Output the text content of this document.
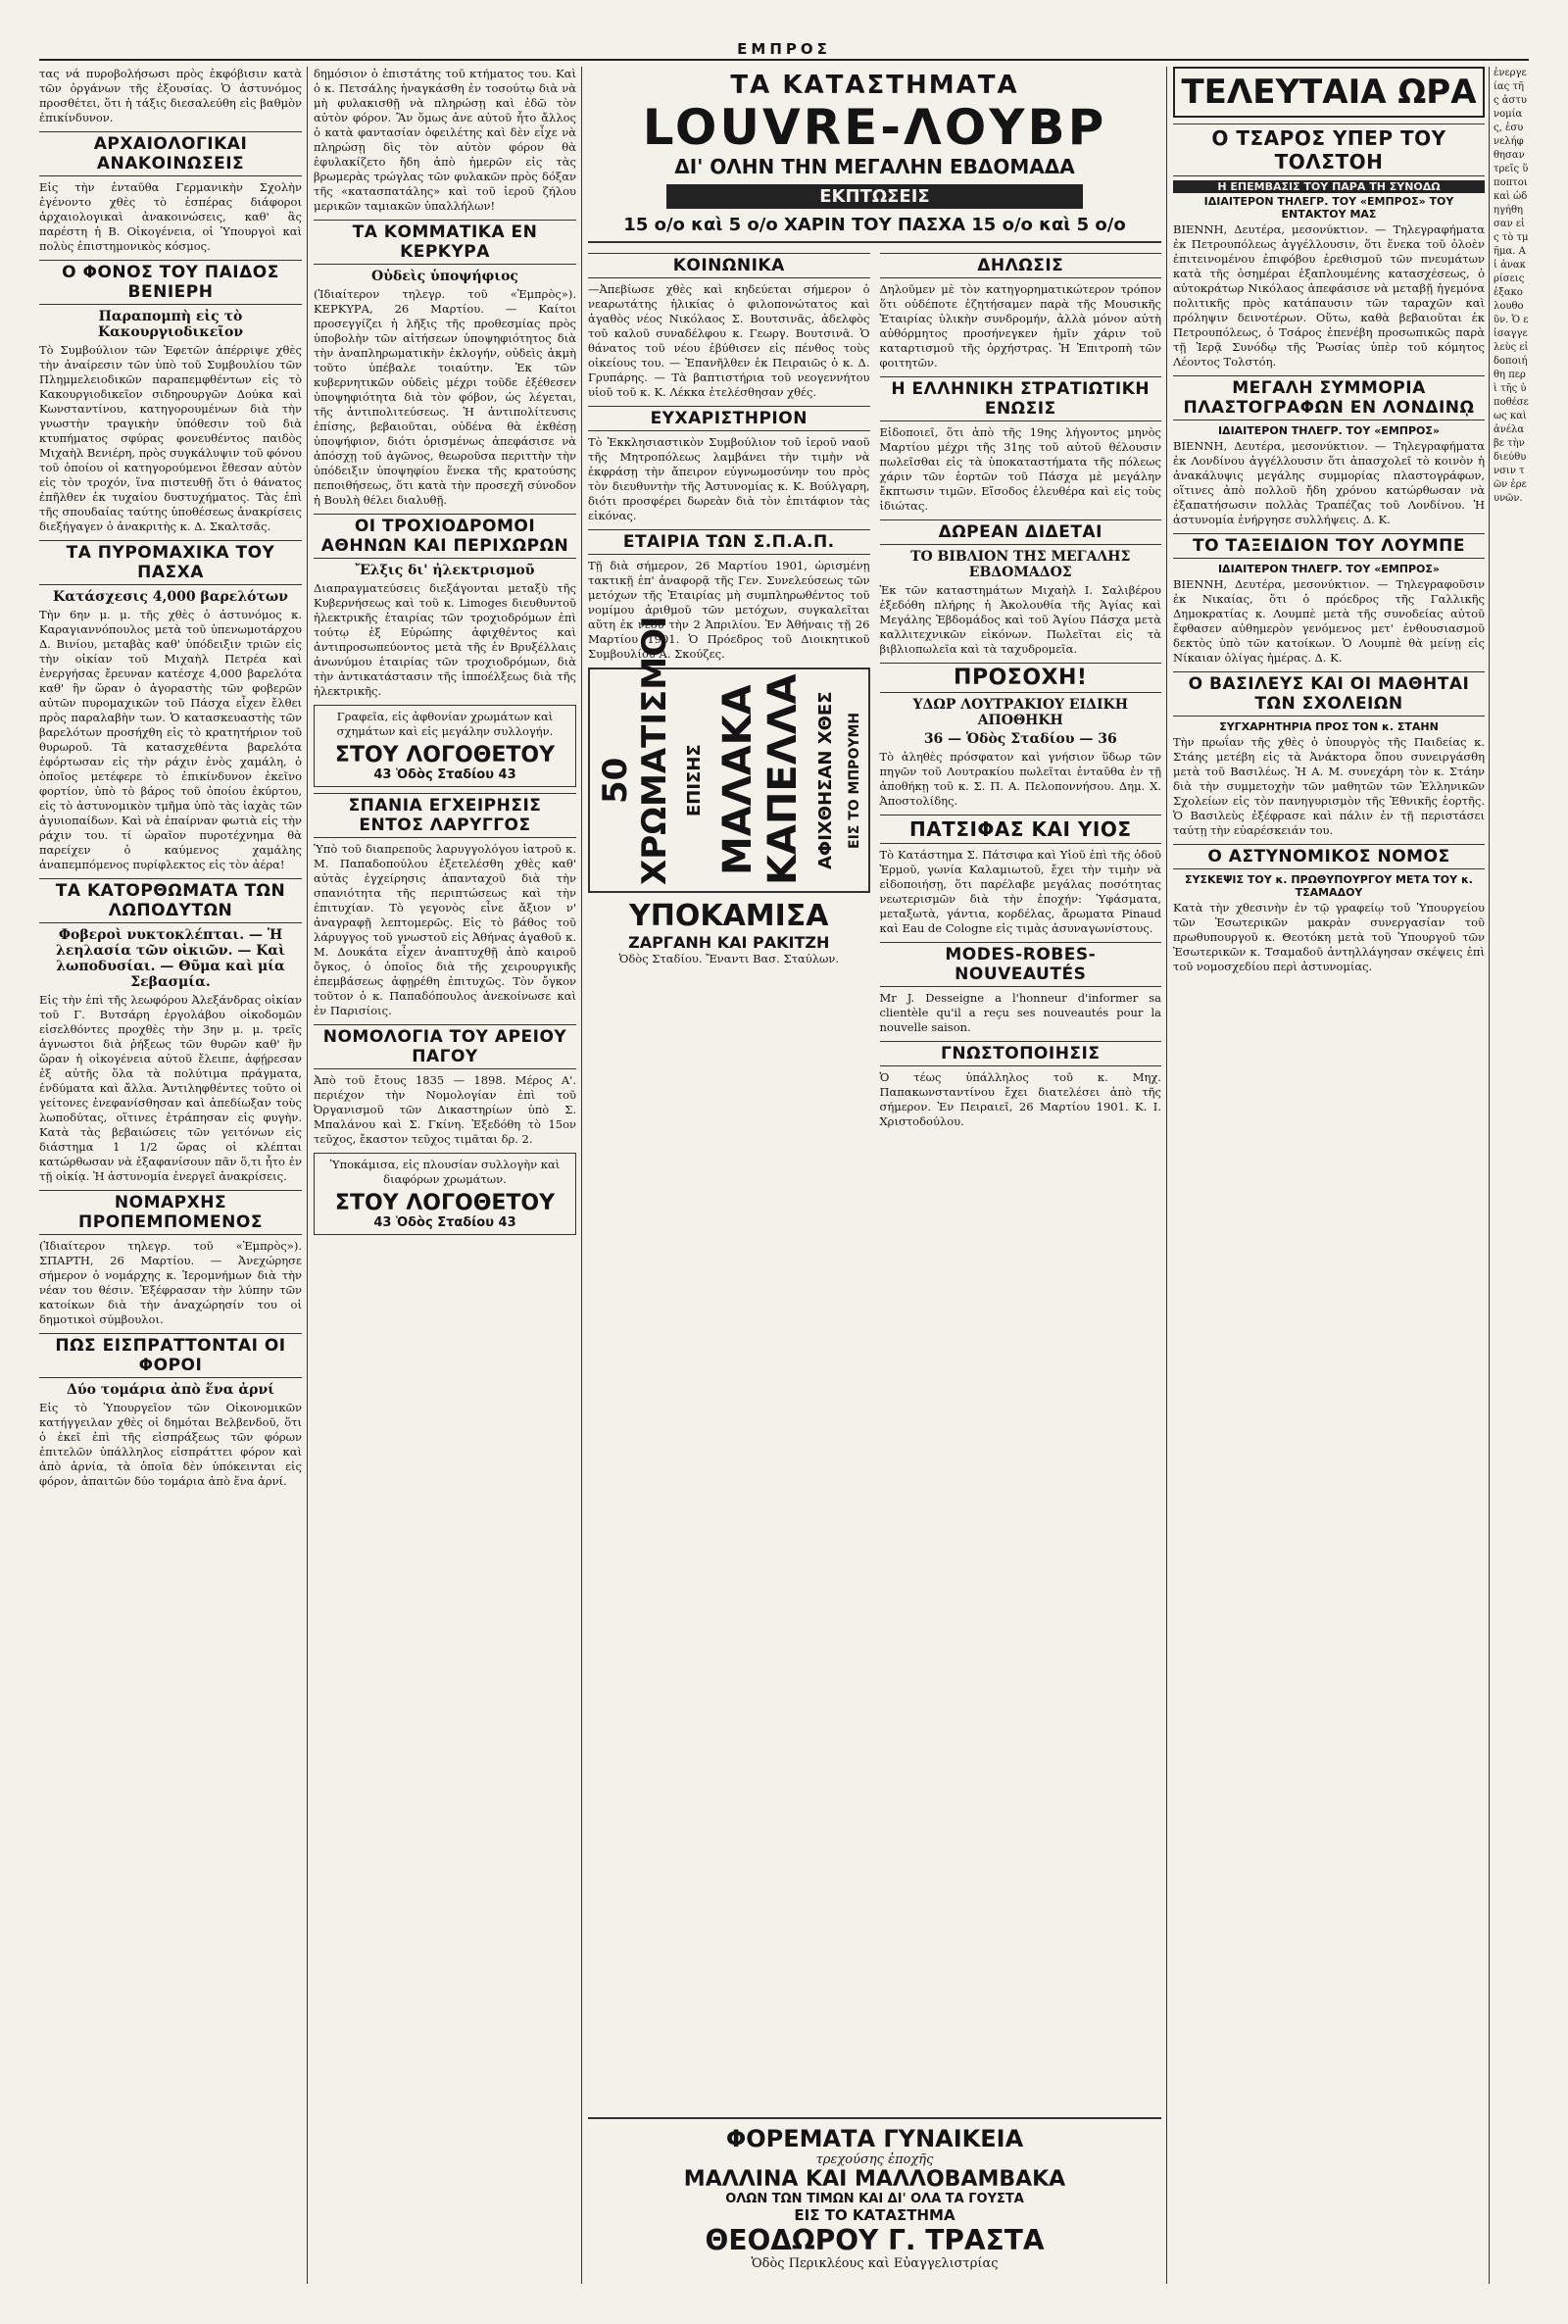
ΕΜΠΡΟΣ

τας νά πυροβολήσωσι πρὸς ἐκφόβισιν κατὰ τῶν ὀργάνων τῆς ἐξουσίας. Ὁ ἀστυνόμος προσθέτει, ὅτι ἡ τάξις διεσαλεύθη εἰς βαθμὸν ἐπικίνδυνον.

ΑΡΧΑΙΟΛΟΓΙΚΑΙ ΑΝΑΚΟΙΝΩΣΕΙΣ

Εἰς τὴν ἐνταῦθα Γερμανικὴν Σχολὴν ἐγένοντο χθὲς τὸ ἑσπέρας διάφοροι ἀρχαιολογικαὶ ἀνακοινώσεις, καθ' ἃς παρέστη ἡ Β. Οἰκογένεια, οἱ Ὑπουργοὶ καὶ πολὺς ἐπιστημονικὸς κόσμος.

Ο ΦΟΝΟΣ ΤΟΥ ΠΑΙΔΟΣ ΒΕΝΙΕΡΗ
Παραπομπὴ εἰς τὸ Κακουργιοδικεῖον

Τὸ Συμβούλιον τῶν Ἐφετῶν ἀπέρριψε χθὲς τὴν ἀναίρεσιν τῶν ὑπὸ τοῦ Συμβουλίου τῶν Πλημμελειοδικῶν παραπεμφθέντων εἰς τὸ Κακουργιοδικεῖον σιδηρουργῶν Δούκα καὶ Κωνσταντίνου, κατηγορουμένων διὰ τὴν γνωστὴν τραγικὴν ὑπόθεσιν τοῦ διὰ κτυπήματος σφύρας φονευθέντος παιδὸς Μιχαὴλ Βενιέρη, πρὸς συγκάλυψιν τοῦ φόνου τοῦ ὁποίου οἱ κατηγορούμενοι ἔθεσαν αὐτὸν εἰς τὸν τροχόν, ἵνα πιστευθῇ ὅτι ὁ θάνατος ἐπῆλθεν ἐκ τυχαίου δυστυχήματος. Τὰς ἐπὶ τῆς σπουδαίας ταύτης ὑποθέσεως ἀνακρίσεις διεξήγαγεν ὁ ἀνακριτὴς κ. Δ. Σκαλτσᾶς.

ΤΑ ΠΥΡΟΜΑΧΙΚΑ ΤΟΥ ΠΑΣΧΑ
Κατάσχεσις 4,000 βαρελότων

Τὴν 6ην μ. μ. τῆς χθὲς ὁ ἀστυνόμος κ. Καραγιαννόπουλος μετὰ τοῦ ὑπενωμοτάρχου Δ. Βινίου, μεταβὰς καθ' ὑπόδειξιν τριῶν εἰς τὴν οἰκίαν τοῦ Μιχαὴλ Πετρέα καὶ ἐνεργήσας ἔρευναν κατέσχε 4,000 βαρελότα καθ' ἣν ὥραν ὁ ἀγοραστὴς τῶν φοβερῶν αὐτῶν πυρομαχικῶν τοῦ Πάσχα εἶχεν ἔλθει πρὸς παραλαβὴν των. Ὁ κατασκευαστὴς τῶν βαρελότων προσήχθη εἰς τὸ κρατητήριον τοῦ θυρωροῦ. Τὰ κατασχεθέντα βαρελότα ἐφόρτωσαν εἰς τὴν ράχιν ἑνὸς χαμάλη, ὁ ὁποῖος μετέφερε τὸ ἐπικίνδυνον ἐκεῖνο φορτίον, ὑπὸ τὸ βάρος τοῦ ὁποίου ἐκύρτου, εἰς τὸ ἀστυνομικὸν τμῆμα ὑπὸ τὰς ἰαχὰς τῶν ἀγυιοπαίδων. Καὶ νὰ ἐπαίρναν φωτιὰ εἰς τὴν ράχιν του. τί ὡραῖον πυροτέχνημα θὰ παρείχεν ὁ καύμενος χαμάλης ἀναπεμπόμενος πυρίφλεκτος εἰς τὸν ἀέρα!

ΤΑ ΚΑΤΟΡΘΩΜΑΤΑ ΤΩΝ ΛΩΠΟΔΥΤΩΝ
Φοβεροὶ νυκτοκλέπται. — Ἡ λεηλασία τῶν οἰκιῶν. — Καὶ λωποδυσίαι. — Θῦμα καὶ μία Σεβασμία.

Εἰς τὴν ἐπὶ τῆς λεωφόρου Ἀλεξάνδρας οἰκίαν τοῦ Γ. Βυτσάρη ἐργολάβου οἰκοδομῶν εἰσελθόντες προχθὲς τὴν 3ην μ. μ. τρεῖς ἀγνωστοι διὰ ῥήξεως τῶν θυρῶν καθ' ἣν ὥραν ἡ οἰκογένεια αὐτοῦ ἔλειπε, ἀφῄρεσαν ἐξ αὐτῆς ὅλα τὰ πολύτιμα πράγματα, ἐνδύματα καὶ ἄλλα. Ἀντιληφθέντες τοῦτο οἱ γείτονες ἐνεφανίσθησαν καὶ ἀπεδίωξαν τοὺς λωποδύτας, οἵτινες ἐτράπησαν εἰς φυγὴν. Κατὰ τὰς βεβαιώσεις τῶν γειτόνων εἰς διάστημα 1 1/2 ὥρας οἱ κλέπται κατώρθωσαν νὰ ἐξαφανίσουν πᾶν ὅ,τι ἦτο ἐν τῇ οἰκίᾳ. Ἡ ἀστυνομία ἐνεργεῖ ἀνακρίσεις.

ΝΟΜΑΡΧΗΣ ΠΡΟΠΕΜΠΟΜΕΝΟΣ

(Ἰδιαίτερον τηλεγρ. τοῦ «Ἐμπρὸς»). ΣΠΑΡΤΗ, 26 Μαρτίου. — Ἀνεχώρησε σήμερον ὁ νομάρχης κ. Ἱερομνήμων διὰ τὴν νέαν του θέσιν. Ἐξέφρασαν τὴν λύπην τῶν κατοίκων διὰ τὴν ἀναχώρησίν του οἱ δημοτικοὶ σύμβουλοι.

ΠΩΣ ΕΙΣΠΡΑΤΤΟΝΤΑΙ ΟΙ ΦΟΡΟΙ
Δύο τομάρια ἀπὸ ἕνα ἀρνί

Εἰς τὸ Ὑπουργεῖον τῶν Οἰκονομικῶν κατήγγειλαν χθὲς οἱ δημόται Βελβενδοῦ, ὅτι ὁ ἐκεῖ ἐπὶ τῆς εἰσπράξεως τῶν φόρων ἐπιτελῶν ὑπάλληλος εἰσπράττει φόρον καὶ ἀπὸ ἀρνία, τὰ ὁποῖα δὲν ὑπόκεινται εἰς φόρον, ἀπαιτῶν δύο τομάρια ἀπὸ ἕνα ἀρνί.

δημόσιον ὁ ἐπιστάτης τοῦ κτήματος του. Καὶ ὁ κ. Πετσάλης ἠναγκάσθη ἐν τοσούτῳ διὰ νὰ μὴ φυλακισθῇ νὰ πληρώσῃ καὶ ἐδῶ τὸν αὐτὸν φόρον. Ἂν ὅμως ἀνε αὐτοῦ ἦτο ἄλλος ὁ κατὰ φαντασίαν ὀφειλέτης καὶ δὲν εἶχε νὰ πληρώσῃ δὶς τὸν αὐτὸν φόρον θὰ ἐφυλακίζετο ἤδη ἀπὸ ἡμερῶν εἰς τὰς βρωμερὰς τρώγλας τῶν φυλακῶν πρὸς δόξαν τῆς «κατασπατάλης» καὶ τοῦ ἱεροῦ ζήλου μερικῶν ταμιακῶν ὑπαλλήλων!

ΤΑ ΚΟΜΜΑΤΙΚΑ ΕΝ ΚΕΡΚΥΡΑ
Οὐδεὶς ὑποψήφιος

(Ἰδιαίτερον τηλεγρ. τοῦ «Ἐμπρὸς»). ΚΕΡΚΥΡΑ, 26 Μαρτίου. — Καίτοι προσεγγίζει ἡ λῆξις τῆς προθεσμίας πρὸς ὑποβολὴν τῶν αἰτήσεων ὑποψηφιότητος διὰ τὴν ἀναπληρωματικὴν ἐκλογήν, οὐδεὶς ἀκμὴ τοῦτο ὑπέβαλε τοιαύτην. Ἐκ τῶν κυβερνητικῶν οὐδεὶς μέχρι τοῦδε ἐξέθεσεν ὑποψηφιότητα διὰ τὸν φόβον, ὡς λέγεται, τῆς ἀντιπολιτεύσεως. Ἡ ἀντιπολίτευσις ἐπίσης, βεβαιοῦται, οὐδένα θὰ ἐκθέσῃ ὑποψήφιον, διότι ὁρισμένως ἀπεφάσισε νὰ ἀπόσχῃ τοῦ ἀγῶνος, θεωροῦσα περιττὴν τὴν ὑπόδειξιν ὑποψηφίου ἕνεκα τῆς κρατούσης πεποιθήσεως, ὅτι κατὰ τὴν προσεχῆ σύνοδον ἡ Βουλὴ θέλει διαλυθῇ.

ΟΙ ΤΡΟΧΙΟΔΡΟΜΟΙ ΑΘΗΝΩΝ ΚΑΙ ΠΕΡΙΧΩΡΩΝ
Ἔλξις δι' ἠλεκτρισμοῦ

Διαπραγματεύσεις διεξάγονται μεταξὺ τῆς Κυβερνήσεως καὶ τοῦ κ. Limoges διευθυντοῦ ἠλεκτρικῆς ἑταιρίας τῶν τροχιοδρόμων ἐπὶ τούτῳ ἐξ Εὐρώπης ἀφιχθέντος καὶ ἀντιπροσωπεύοντος μετὰ τῆς ἐν Βρυξέλλαις ἀνωνύμου ἑταιρίας τῶν τροχιοδρόμων, διὰ τὴν ἀντικατάστασιν τῆς ἱπποέλξεως διὰ τῆς ἠλεκτρικῆς.

Γραφεῖα, εἰς ἀφθονίαν χρωμάτων καὶ σχημάτων καὶ εἰς μεγάλην συλλογήν.

ΣΤΟΥ ΛΟΓΟΘΕΤΟΥ
43 Ὁδὸς Σταδίου 43
ΣΠΑΝΙΑ ΕΓΧΕΙΡΗΣΙΣ ΕΝΤΟΣ ΛΑΡΥΓΓΟΣ

Ὑπὸ τοῦ διαπρεποῦς λαρυγγολόγου ἰατροῦ κ. Μ. Παπαδοπούλου ἐξετελέσθη χθὲς καθ' αὐτὰς ἐγχείρησις ἀπανταχοῦ διὰ τὴν σπανιότητα τῆς περιπτώσεως καὶ τὴν ἐπιτυχίαν. Τὸ γεγονὸς εἶνε ἄξιον ν' ἀναγραφῇ λεπτομερῶς. Εἰς τὸ βάθος τοῦ λάρυγγος τοῦ γνωστοῦ εἰς Ἀθήνας ἀγαθοῦ κ. Μ. Δουκάτα εἶχεν ἀναπτυχθῇ ἀπὸ καιροῦ ὄγκος, ὁ ὁποῖος διὰ τῆς χειρουργικῆς ἐπεμβάσεως ἀφῃρέθη ἐπιτυχῶς. Τὸν ὄγκον τοῦτον ὁ κ. Παπαδόπουλος ἀνεκοίνωσε καὶ ἐν Παρισίοις.

ΝΟΜΟΛΟΓΙΑ ΤΟΥ ΑΡΕΙΟΥ ΠΑΓΟΥ

Ἀπὸ τοῦ ἔτους 1835 — 1898. Μέρος Α'. περιέχον τὴν Νομολογίαν ἐπὶ τοῦ Ὀργανισμοῦ τῶν Δικαστηρίων ὑπὸ Σ. Μπαλάνου καὶ Σ. Γκίνη. Ἐξεδόθη τὸ 15ον τεῦχος, ἔκαστον τεῦχος τιμᾶται δρ. 2.

Ὑποκάμισα, εἰς πλουσίαν συλλογὴν καὶ διαφόρων χρωμάτων.

ΣΤΟΥ ΛΟΓΟΘΕΤΟΥ
43 Ὁδὸς Σταδίου 43
ΤΑ ΚΑΤΑΣΤΗΜΑΤΑ
LOUVRE-ΛΟΥΒΡ
ΔΙ' ΟΛΗΝ ΤΗΝ ΜΕΓΑΛΗΝ ΕΒΔΟΜΑΔΑ
ΕΚΠΤΩΣΕΙΣ
15 ο/ο καὶ 5 ο/ο ΧΑΡΙΝ ΤΟΥ ΠΑΣΧΑ 15 ο/ο καὶ 5 ο/ο
ΚΟΙΝΩΝΙΚΑ

—Ἀπεβίωσε χθὲς καὶ κηδεύεται σήμερον ὁ νεαρωτάτης ἡλικίας ὁ φιλοπονώτατος καὶ ἀγαθὸς νέος Νικόλαος Σ. Βουτσινᾶς, ἀδελφὸς τοῦ καλοῦ συναδέλφου κ. Γεωργ. Βουτσινᾶ. Ὁ θάνατος τοῦ νέου ἐβύθισεν εἰς πένθος τοὺς οἰκείους του. — Ἐπανῆλθεν ἐκ Πειραιῶς ὁ κ. Δ. Γρυπάρης. — Τὰ βαπτιστήρια τοῦ νεογεννήτου υἱοῦ τοῦ κ. Κ. Λέκκα ἐτελέσθησαν χθές.

ΕΥΧΑΡΙΣΤΗΡΙΟΝ

Τὸ Ἐκκλησιαστικὸν Συμβούλιον τοῦ ἱεροῦ ναοῦ τῆς Μητροπόλεως λαμβάνει τὴν τιμὴν νὰ ἐκφράσῃ τὴν ἄπειρον εὐγνωμοσύνην του πρὸς τὸν διευθυντὴν τῆς Ἀστυνομίας κ. Κ. Βούλγαρη, διότι προσφέρει δωρεὰν διὰ τὸν ἐπιτάφιον τὰς εἰκόνας.

ΕΤΑΙΡΙΑ ΤΩΝ Σ.Π.Α.Π.

Τῇ διὰ σήμερον, 26 Μαρτίου 1901, ὡρισμένῃ τακτικῇ ἐπ' ἀναφορᾷ τῆς Γεν. Συνελεύσεως τῶν μετόχων τῆς Ἐταιρίας μὴ συμπληρωθέντος τοῦ νομίμου ἀριθμοῦ τῶν μετόχων, συγκαλεῖται αὕτη ἐκ νέου τὴν 2 Ἀπριλίου. Ἐν Ἀθήναις τῇ 26 Μαρτίου 1901. Ὁ Πρόεδρος τοῦ Διοικητικοῦ Συμβουλίου Α. Σκούζες.

50 ΧΡΩΜΑΤΙΣΜΟΙ ΕΠΙΣΗΣ ΜΑΛΑΚΑ ΚΑΠΕΛΛΑ ΑΦΙΧΘΗΣΑΝ ΧΘΕΣ ΕΙΣ ΤΟ ΜΠΡΟΥΜΗ
ΥΠΟΚΑΜΙΣΑ
ΖΑΡΓΑΝΗ ΚΑΙ ΡΑΚΙΤΖΗ

Ὁδὸς Σταδίου. Ἔναντι Βασ. Σταύλων.

ΔΗΛΩΣΙΣ

Δηλοῦμεν μὲ τὸν κατηγορηματικώτερον τρόπον ὅτι οὐδέποτε ἐζητήσαμεν παρὰ τῆς Μουσικῆς Ἑταιρίας ὑλικὴν συνδρομήν, ἀλλὰ μόνον αὐτὴ αὐθόρμητος προσήνεγκεν ἡμῖν χάριν τοῦ καταρτισμοῦ τῆς ὀρχήστρας. Ἡ Ἐπιτροπὴ τῶν φοιτητῶν.

Η ΕΛΛΗΝΙΚΗ ΣΤΡΑΤΙΩΤΙΚΗ ΕΝΩΣΙΣ

Εἰδοποιεῖ, ὅτι ἀπὸ τῆς 19ης λήγοντος μηνὸς Μαρτίου μέχρι τῆς 31ης τοῦ αὐτοῦ θέλουσιν πωλεῖσθαι εἰς τὰ ὑποκαταστήματα τῆς πόλεως χάριν τῶν ἑορτῶν τοῦ Πάσχα μὲ μεγάλην ἔκπτωσιν τιμῶν. Εἴσοδος ἐλευθέρα καὶ εἰς τοὺς ἰδιώτας.

ΔΩΡΕΑΝ ΔΙΔΕΤΑΙ
ΤΟ ΒΙΒΛΙΟΝ ΤΗΣ ΜΕΓΑΛΗΣ ΕΒΔΟΜΑΔΟΣ

Ἐκ τῶν καταστημάτων Μιχαὴλ Ι. Σαλιβέρου ἐξεδόθη πλήρης ἡ Ἀκολουθία τῆς Ἁγίας καὶ Μεγάλης Ἑβδομάδος καὶ τοῦ Ἁγίου Πάσχα μετὰ καλλιτεχνικῶν εἰκόνων. Πωλεῖται εἰς τὰ βιβλιοπωλεῖα καὶ τὰ ταχυδρομεῖα.

ΠΡΟΣΟΧΗ!
ΥΔΩΡ ΛΟΥΤΡΑΚΙΟΥ ΕΙΔΙΚΗ ΑΠΟΘΗΚΗ
36 — Ὁδὸς Σταδίου — 36

Τὸ ἀληθὲς πρόσφατον καὶ γνήσιον ὕδωρ τῶν πηγῶν τοῦ Λουτρακίου πωλεῖται ἐνταῦθα ἐν τῇ ἀποθήκῃ τοῦ κ. Σ. Π. Α. Πελοποννήσου. Δημ. Χ. Ἀποστολίδης.

ΠΑΤΣΙΦΑΣ ΚΑΙ ΥΙΟΣ

Τὸ Κατάστημα Σ. Πάτσιφα καὶ Υἱοῦ ἐπὶ τῆς ὁδοῦ Ἑρμοῦ, γωνία Καλαμιωτοῦ, ἔχει τὴν τιμὴν νὰ εἰδοποιήσῃ, ὅτι παρέλαβε μεγάλας ποσότητας νεωτερισμῶν διὰ τὴν ἐποχήν: Ὑφάσματα, μεταξωτὰ, γάντια, κορδέλας, ἄρωματα Pinaud καὶ Eau de Cologne εἰς τιμὰς ἀσυναγωνίστους.

MODES-ROBES-NOUVEAUTÉS

Mr J. Desseigne a l'honneur d'informer sa clientèle qu'il a reçu ses nouveautés pour la nouvelle saison.

ΓΝΩΣΤΟΠΟΙΗΣΙΣ

Ὁ τέως ὑπάλληλος τοῦ κ. Μηχ. Παπακωνσταντίνου ἔχει διατελέσει ἀπὸ τῆς σήμερον. Ἐν Πειραιεῖ, 26 Μαρτίου 1901. Κ. Ι. Χριστοδούλου.

ΦΟΡΕΜΑΤΑ ΓΥΝΑΙΚΕΙΑ
τρεχούσης ἐποχῆς
ΜΑΛΛΙΝΑ ΚΑΙ ΜΑΛΛΟΒΑΜΒΑΚΑ
ΟΛΩΝ ΤΩΝ ΤΙΜΩΝ ΚΑΙ ΔΙ' ΟΛΑ ΤΑ ΓΟΥΣΤΑ
ΕΙΣ ΤΟ ΚΑΤΑΣΤΗΜΑ
ΘΕΟΔΩΡΟΥ Γ. ΤΡΑΣΤΑ
Ὁδὸς Περικλέους καὶ Εὐαγγελιστρίας
ΤΕΛΕΥΤΑΙΑ ΩΡΑ
Ο ΤΣΑΡΟΣ ΥΠΕΡ ΤΟΥ ΤΟΛΣΤΟΗ
Η ΕΠΕΜΒΑΣΙΣ ΤΟΥ ΠΑΡΑ ΤΗ ΣΥΝΟΔΩ
ΙΔΙΑΙΤΕΡΟΝ ΤΗΛΕΓΡ. ΤΟΥ «ΕΜΠΡΟΣ» ΤΟΥ ΕΝΤΑΚΤΟΥ ΜΑΣ

ΒΙΕΝΝΗ, Δευτέρα, μεσονύκτιον. — Τηλεγραφήματα ἐκ Πετρουπόλεως ἀγγέλλουσιν, ὅτι ἕνεκα τοῦ ὁλοὲν ἐπιτεινομένου ἐπιφόβου ἐρεθισμοῦ τῶν πνευμάτων κατὰ τῆς ὁσημέραι ἐξαπλουμένης κατασχέσεως, ὁ αὐτοκράτωρ Νικόλαος ἀπεφάσισε νὰ μεταβῇ ἡγεμόνα πολιτικῆς πρὸς κατάπαυσιν τῶν ταραχῶν καὶ πρόληψιν δεινοτέρων. Οὕτω, καθὰ βεβαιοῦται ἐκ Πετρουπόλεως, ὁ Τσάρος ἐπενέβη προσωπικῶς παρὰ τῇ Ἱερᾷ Συνόδῳ τῆς Ῥωσίας ὑπὲρ τοῦ κόμητος Λέοντος Τολστόη.

ΜΕΓΑΛΗ ΣΥΜΜΟΡΙΑ ΠΛΑΣΤΟΓΡΑΦΩΝ ΕΝ ΛΟΝΔΙΝῼ
ΙΔΙΑΙΤΕΡΟΝ ΤΗΛΕΓΡ. ΤΟΥ «ΕΜΠΡΟΣ»

ΒΙΕΝΝΗ, Δευτέρα, μεσονύκτιον. — Τηλεγραφήματα ἐκ Λονδίνου ἀγγέλλουσιν ὅτι ἀπασχολεῖ τὸ κοινὸν ἡ ἀνακάλυψις μεγάλης συμμορίας πλαστογράφων, οἵτινες ἀπὸ πολλοῦ ἤδη χρόνου κατώρθωσαν νὰ ἐξαπατήσωσιν πολλὰς Τραπέζας τοῦ Λονδίνου. Ἡ ἀστυνομία ἐνήργησε συλλήψεις. Δ. Κ.

ΤΟ ΤΑΞΕΙΔΙΟΝ ΤΟΥ ΛΟΥΜΠΕ
ΙΔΙΑΙΤΕΡΟΝ ΤΗΛΕΓΡ. ΤΟΥ «ΕΜΠΡΟΣ»

ΒΙΕΝΝΗ, Δευτέρα, μεσονύκτιον. — Τηλεγραφοῦσιν ἐκ Νικαίας, ὅτι ὁ πρόεδρος τῆς Γαλλικῆς Δημοκρατίας κ. Λουμπὲ μετὰ τῆς συνοδείας αὐτοῦ ἔφθασεν αὐθημερὸν γενόμενος μετ' ἐνθουσιασμοῦ δεκτὸς ὑπὸ τῶν κατοίκων. Ὁ Λουμπὲ θὰ μείνῃ εἰς Νίκαιαν ὀλίγας ἡμέρας. Δ. Κ.

Ο ΒΑΣΙΛΕΥΣ ΚΑΙ ΟΙ ΜΑΘΗΤΑΙ ΤΩΝ ΣΧΟΛΕΙΩΝ
ΣΥΓΧΑΡΗΤΗΡΙΑ ΠΡΟΣ ΤΟΝ κ. ΣΤΑΗΝ

Τὴν πρωΐαν τῆς χθὲς ὁ ὑπουργὸς τῆς Παιδείας κ. Στάης μετέβη εἰς τὰ Ἀνάκτορα ὅπου συνειργάσθη μετὰ τοῦ Βασιλέως. Ἡ Α. Μ. συνεχάρη τὸν κ. Στάην διὰ τὴν συμμετοχὴν τῶν μαθητῶν τῶν Ἑλληνικῶν Σχολείων εἰς τὸν πανηγυρισμὸν τῆς Ἐθνικῆς ἑορτῆς. Ὁ Βασιλεὺς ἐξέφρασε καὶ πάλιν ἐν τῇ περιστάσει ταύτῃ τὴν εὐαρέσκειάν του.

Ο ΑΣΤΥΝΟΜΙΚΟΣ ΝΟΜΟΣ
ΣΥΣΚΕΨΙΣ ΤΟΥ κ. ΠΡΩΘΥΠΟΥΡΓΟΥ ΜΕΤΑ ΤΟΥ κ. ΤΣΑΜΑΔΟΥ

Κατὰ τὴν χθεσινὴν ἐν τῷ γραφείῳ τοῦ Ὑπουργείου τῶν Ἐσωτερικῶν μακρὰν συνεργασίαν τοῦ πρωθυπουργοῦ κ. Θεοτόκη μετὰ τοῦ Ὑπουργοῦ τῶν Ἐσωτερικῶν κ. Τσαμαδοῦ ἀντηλλάγησαν σκέψεις ἐπὶ τοῦ νομοσχεδίου περὶ ἀστυνομίας.

ἐνεργείας τῆς ἀστυνομίας, ἐσυνελήφθησαν τρεῖς ὕποπτοι καὶ ὡδηγήθησαν εἰς τὸ τμῆμα. Αἱ ἀνακρίσεις ἐξακολουθοῦν. Ὁ εἰσαγγελεὺς εἰδοποιήθη περὶ τῆς ὑποθέσεως καὶ ἀνέλαβε τὴν διεύθυνσιν τῶν ἐρευνῶν.
